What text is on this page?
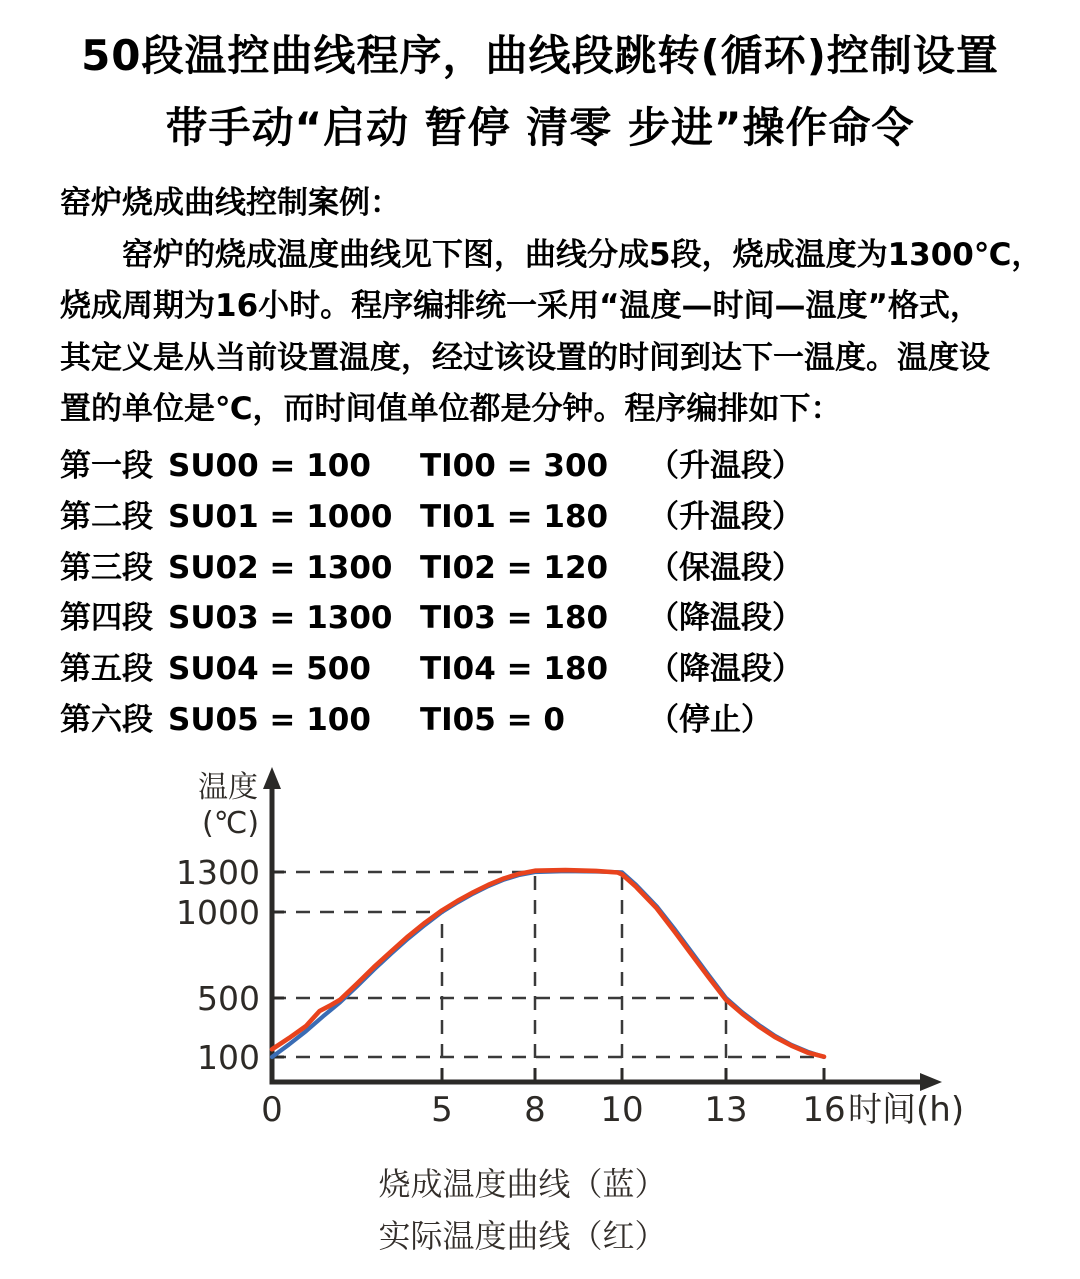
50段温控曲线程序，曲线段跳转(循环)控制设置
带手动“启动 暂停 清零 步进”操作命令
窑炉烧成曲线控制案例：
　　窑炉的烧成温度曲线见下图，曲线分成5段，烧成温度为1300℃，
烧成周期为16小时。程序编排统一采用“温度—时间—温度”格式，
其定义是从当前设置温度，经过该设置的时间到达下一温度。温度设
置的单位是℃，而时间值单位都是分钟。程序编排如下：
第一段 SU00 = 100	TI00 = 300	（升温段）
第二段 SU01 = 1000 TI01 = 180	（升温段）
第三段 SU02 = 1300 TI02 = 120	（保温段）
第四段 SU03 = 1300 TI03 = 180	（降温段）
第五段 SU04 = 500	TI04 = 180	（降温段）
第六段 SU05 = 100	TI05 = 0	（停止）
温度
(℃)
时间(h)
0	5 8 10 13 16
1300
1000
500
100
烧成温度曲线（蓝）
实际温度曲线（红）
